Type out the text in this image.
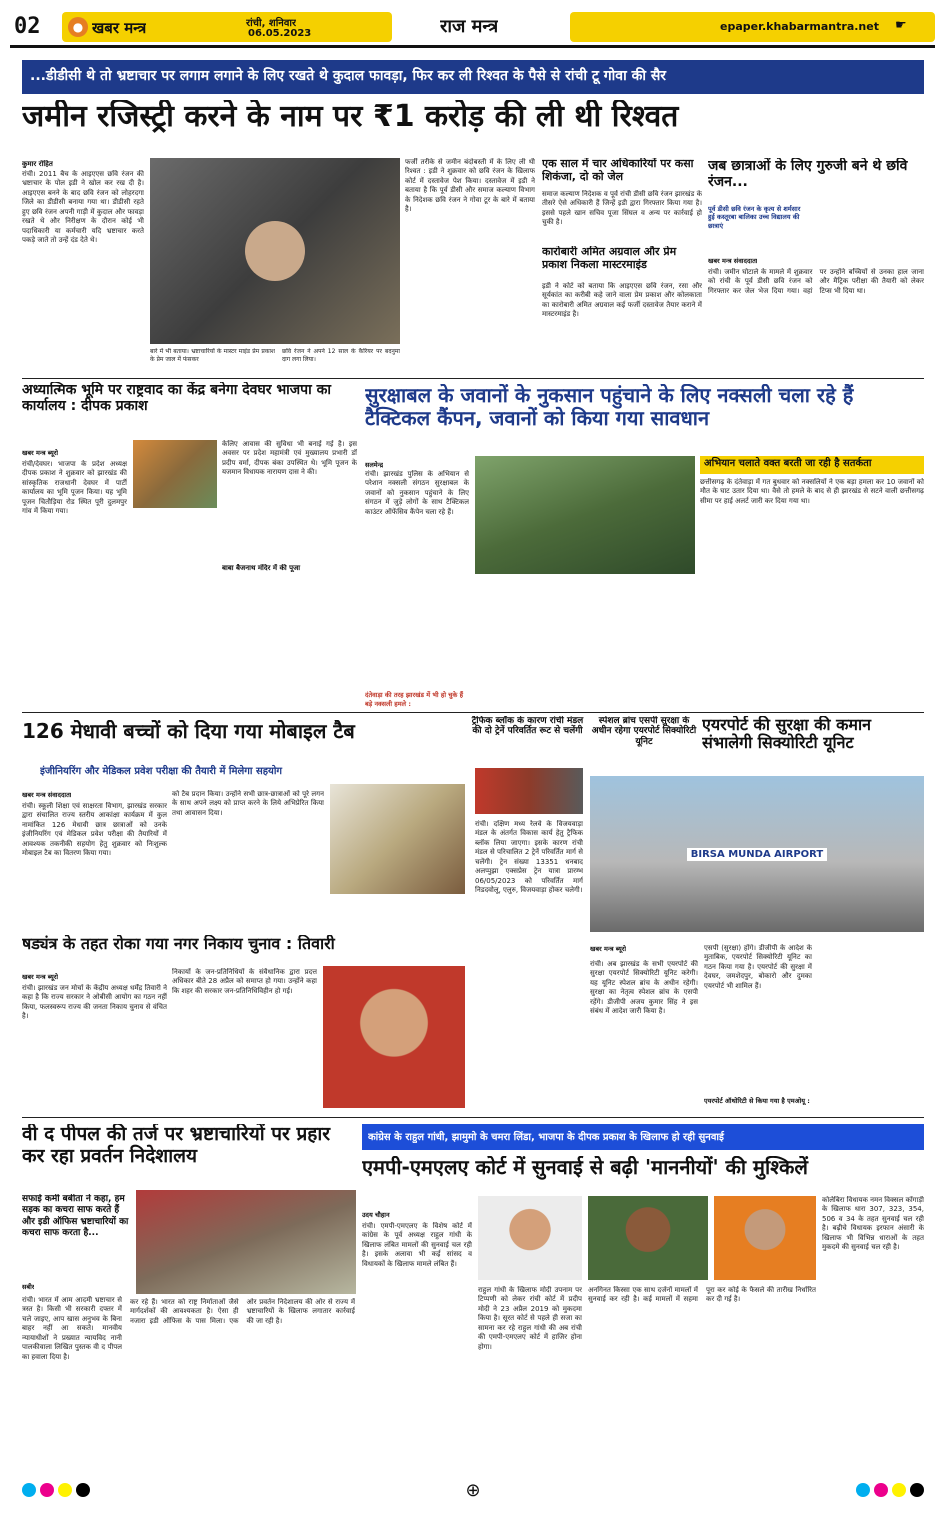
02	● खबर मन्त्र	रांची, शनिवार
06.05.2023	राज मन्त्र	epaper.khabarmantra.net ☛
...डीडीसी थे तो भ्रष्टाचार पर लगाम लगाने के लिए रखते थे कुदाल फावड़ा, फिर कर ली रिश्वत के पैसे से रांची टू गोवा की सैर
जमीन रजिस्ट्री करने के नाम पर ₹1 करोड़ की ली थी रिश्वत
कुमार रोहित
रांची। 2011 बैच के आइएएस छवि रंजन की भ्रष्टाचार के पोल इडी ने खोल कर रख दी है। आइएएस बनने के बाद छवि रंजन को लोहरदगा जिले का डीडीसी बनाया गया था। डीडीसी रहते हुए छवि रंजन अपनी गाड़ी में कुदाल और फावड़ा रखते थे और निरीक्षण के दौरान कोई भी पदाधिकारी या कर्मचारी यदि भ्रष्टाचार करते पकड़े जाते तो उन्हें दंड देते थे।
बारे में भी बताया। भ्रष्टाचारियों के मास्टर माइंड प्रेम प्रकाश के प्रेम जाल में फंसकर
छवि रंजन ने अपने 12 साल के कैरियर पर बदनुमा दाग लगा लिया।
फर्जी तरीके से जमीन बंदोबस्ती में के लिए ली थी रिश्वत : इडी ने शुक्रवार को छवि रंजन के खिलाफ कोर्ट में दस्तावेज पेश किया। दस्तावेज में इडी ने बताया है कि पूर्व डीसी और समाज कल्याण विभाग के निदेशक छवि रंजन ने गोवा टूर के बारे में बताया है।
एक साल में चार अधिकारियों पर कसा शिकंजा, दो को जेल
समाज कल्याण निदेशक व पूर्व रांची डीसी छवि रंजन झारखंड के तीसरे ऐसे अधिकारी हैं जिन्हें इडी द्वारा गिरफ्तार किया गया है। इससे पहले खान सचिव पूजा सिंघल व अन्य पर कार्रवाई हो चुकी है।
कारोबारी अमित अग्रवाल और प्रेम प्रकाश निकला मास्टरमाइंड
इडी ने कोर्ट को बताया कि आइएएस छवि रंजन, रसा और सूर्यकांत का करीबी कहे जाने वाला प्रेम प्रकाश और कोलकाता का कारोबारी अमित अग्रवाल कई फर्जी दस्तावेज तैयार कराने में मास्टरमाइंड है।
जब छात्राओं के लिए गुरुजी बने थे छवि रंजन...
पूर्व डीसी छवि रंजन के कृत्य से शर्मसार हुई कस्तूरबा बालिका उच्च विद्यालय की छात्राएं
खबर मन्त्र संवाददाता
रांची। जमीन घोटाले के मामले में शुक्रवार को रांची के पूर्व डीसी छवि रंजन को गिरफ्तार कर जेल भेज दिया गया। वहां पर उन्होंने बच्चियों से उनका हाल जाना और मैट्रिक परीक्षा की तैयारी को लेकर टिप्स भी दिया था।
अध्यात्मिक भूमि पर राष्ट्रवाद का केंद्र बनेगा देवघर भाजपा का कार्यालय : दीपक प्रकाश
खबर मन्त्र ब्यूरो
रांची/देवघर। भाजपा के प्रदेश अध्यक्ष दीपक प्रकाश ने शुक्रवार को झारखंड की सांस्कृतिक राजधानी देवघर में पार्टी कार्यालय का भूमि पूजन किया। यह भूमि पूजन चितौड़िया रोड स्थित पूरी दुलमपुर गांव में किया गया।
केलिए आवास की सुविधा भी बनाई गई है। इस अवसर पर प्रदेश महामंत्री एवं मुख्यालय प्रभारी डॉ प्रदीप वर्मा, दीपक बंका उपस्थित थे। भूमि पूजन के यजमान विधायक नारायण दास ने की।
बाबा बैजनाथ मंदिर में की पूजा
सुरक्षाबल के जवानों के नुकसान पहुंचाने के लिए नक्सली चला रहे हैं टैक्टिकल कैंपन, जवानों को किया गया सावधान
सलमेन्द्र
रांची। झारखंड पुलिस के अभियान से परेशान नक्सली संगठन सुरक्षाबल के जवानों को नुकसान पहुंचाने के लिए संगठन में जुड़े लोगों के साथ टैक्टिकल काउंटर ऑफेंसिव कैंपेन चला रहे हैं।
दंतेवाड़ा की तरह झारखंड में भी हो चुके हैं बड़े नक्सली हमले :
अभियान चलाते वक्त बरती जा रही है सतर्कता
छत्तीसगढ़ के दंतेवाड़ा में गत बुधवार को नक्सलियों ने एक बड़ा हमला कर 10 जवानों को मौत के घाट उतार दिया था। वैसे तो हमले के बाद से ही झारखंड से सटने वाली छत्तीसगढ़ सीमा पर हाई अलर्ट जारी कर दिया गया था।
126 मेधावी बच्चों को दिया गया मोबाइल टैब
इंजीनियरिंग और मेडिकल प्रवेश परीक्षा की तैयारी में मिलेगा सहयोग
खबर मन्त्र संवाददाता
रांची। स्कूली शिक्षा एवं साक्षरता विभाग, झारखंड सरकार द्वारा संचालित राज्य स्तरीय आकांक्षा कार्यक्रम में कुल नामांकित 126 मेधावी छात्र छात्राओं को उनके इंजीनियरिंग एवं मेडिकल प्रवेश परीक्षा की तैयारियों में आवश्यक तकनीकी सहयोग हेतु शुक्रवार को निःशुल्क मोबाइल टैब का वितरण किया गया।
को टैब प्रदान किया। उन्होंने सभी छात्र-छात्राओं को पूरे लगन के साथ अपने लक्ष्य को प्राप्त करने के लिये अभिप्रेरित किया तथा आवासन दिया।
ट्रैफिक ब्लॉक के कारण रांची मंडल की दो ट्रेनें परिवर्तित रूट से चलेंगी
रांची। दक्षिण मध्य रेलवे के विजयवाड़ा मंडल के अंतर्गत विकास कार्य हेतु ट्रैफिक ब्लॉक लिया जाएगा। इसके कारण रांची मंडल से परिचालित 2 ट्रेनें परिवर्तित मार्ग से चलेंगी। ट्रेन संख्या 13351 धनबाद अलप्पुझा एक्सप्रेस ट्रेन यात्रा प्रारम्भ 06/05/2023 को परिवर्तित मार्ग निडदवोलू, एलुरु, विजयवाड़ा होकर चलेगी।
स्पेशल ब्रांच एसपी सुरक्षा के अधीन रहेगा एयरपोर्ट सिक्योरिटी यूनिट
एयरपोर्ट की सुरक्षा की कमान संभालेगी सिक्योरिटी यूनिट
BIRSA MUNDA AIRPORT
खबर मन्त्र ब्यूरो
रांची। अब झारखंड के सभी एयरपोर्ट की सुरक्षा एयरपोर्ट सिक्योरिटी यूनिट करेगी। यह यूनिट स्पेशल ब्रांच के अधीन रहेगी। सुरक्षा का नेतृत्व स्पेशल ब्रांच के एसपी रहेंगे। डीजीपी अजय कुमार सिंह ने इस संबंध में आदेश जारी किया है।
एसपी (सुरक्षा) होंगे। डीजीपी के आदेश के मुताबिक, एयरपोर्ट सिक्योरिटी यूनिट का गठन किया गया है। एयरपोर्ट की सुरक्षा में देवघर, जमशेदपुर, बोकारो और दुमका एयरपोर्ट भी शामिल हैं।
एयरपोर्ट ऑथोरिटी से किया गया है एमओयू :
षड्यंत्र के तहत रोका गया नगर निकाय चुनाव : तिवारी
खबर मन्त्र ब्यूरो
रांची। झारखंड जन मोर्चा के केंद्रीय अध्यक्ष धर्मेंद्र तिवारी ने कहा है कि राज्य सरकार ने ओबीसी आयोग का गठन नहीं किया, फलस्वरूप राज्य की जनता निकाय चुनाव से वंचित है।
निकायों के जन-प्रतिनिधियों के संवैधानिक द्वारा प्रदत्त अधिकार बीते 28 अप्रैल को समाप्त हो गया। उन्होंने कहा कि शहर की सरकार जन-प्रतिनिधिविहीन हो गई।
वी द पीपल की तर्ज पर भ्रष्टाचारियों पर प्रहार कर रहा प्रवर्तन निदेशालय
सफाई कर्मी बबीता ने कहा, हम सड़क का कचरा साफ करते हैं और इडी ऑफिस भ्रष्टाचारियों का कचरा साफ करता है...
सबीर
रांची। भारत में आम आदमी भ्रष्टाचार से त्रस्त है। किसी भी सरकारी दफ्तर में चले जाइए, आप खास अनुभव के बिना बाहर नहीं आ सकते। मानवीय न्यायाधीशों ने प्रख्यात न्यायविद नानी पालकीवाला लिखित पुस्तक वी द पीपल का हवाला दिया है।
कर रहे हैं। भारत को राष्ट्र निर्माताओं जैसे मार्गदर्शकों की आवश्यकता है। ऐसा ही नजारा इडी ऑफिस के पास मिला। एक ओर प्रवर्तन निदेशालय की ओर से राज्य में भ्रष्टाचारियों के खिलाफ लगातार कार्रवाई की जा रही है।
कांग्रेस के राहुल गांधी, झामुमो के चमरा लिंडा, भाजपा के दीपक प्रकाश के खिलाफ हो रही सुनवाई
एमपी-एमएलए कोर्ट में सुनवाई से बढ़ी 'माननीयों' की मुश्किलें
उदय चौहान
रांची। एमपी-एमएलए के विशेष कोर्ट में कांग्रेस के पूर्व अध्यक्ष राहुल गांधी के खिलाफ लंबित मामलों की सुनवाई चल रही है। इसके अलावा भी कई सांसद व विधायकों के खिलाफ मामले लंबित हैं।
राहुल गांधी के खिलाफ मोदी उपनाम पर टिप्पणी को लेकर रांची कोर्ट में प्रदीप मोदी ने 23 अप्रैल 2019 को मुकदमा किया है। सूरत कोर्ट से पहले ही सजा का सामना कर रहे राहुल गांधी की अब रांची की एमपी-एमएलए कोर्ट में हाजिर होना होगा।
अनगिनत किस्सा एक साथ दर्जनों मामलों में सुनवाई कर रही है। कई मामलों में सहमा पूरा कर कोई के फैसले की तारीख निर्धारित कर दी गई है।
कोलेबिरा विधायक नमन विक्सल कोंगाड़ी के खिलाफ धारा 307, 323, 354, 506 व 34 के तहत सुनवाई चल रही है। बढ़ीचे विधायक इरफान अंसारी के खिलाफ भी विभिन्न धाराओं के तहत मुकदमे की सुनवाई चल रही है।
⊕
